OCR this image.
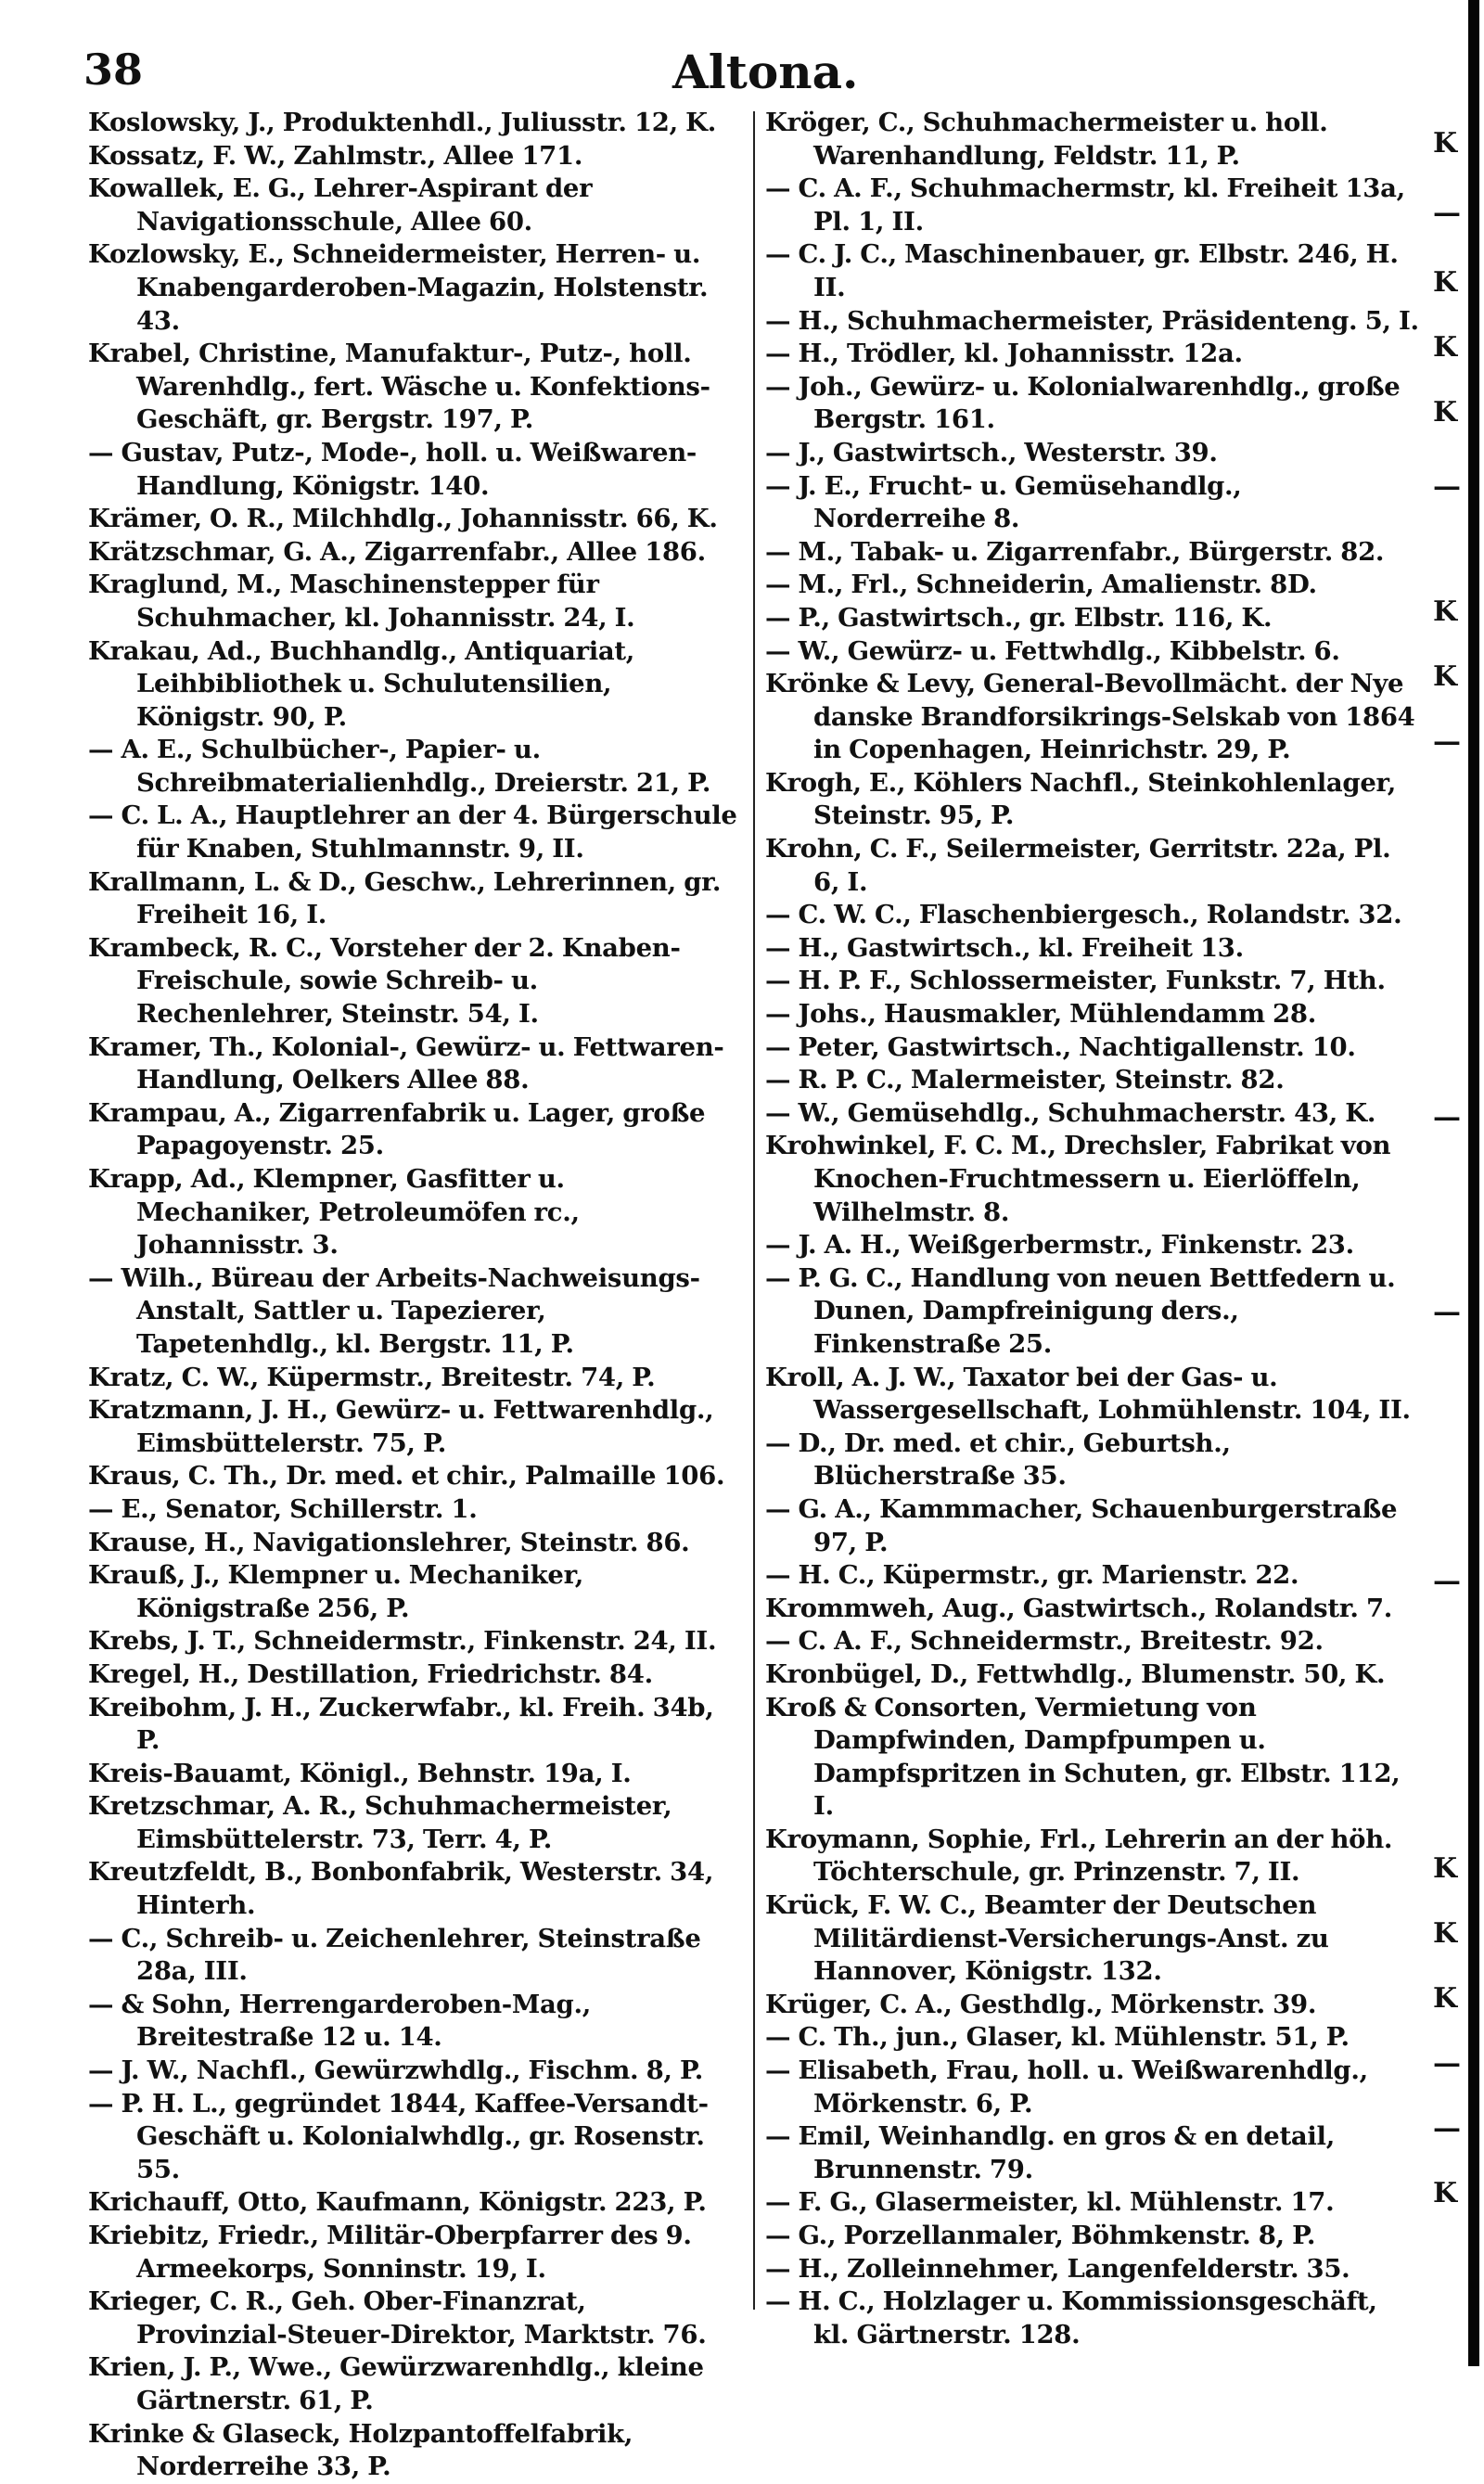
38	Altona.
Koslowsky, J., Produktenhdl., Juliusstr. 12, K.
Kossatz, F. W., Zahlmstr., Allee 171.
Kowallek, E. G., Lehrer-Aspirant der Navigationsschule, Allee 60.
Kozlowsky, E., Schneidermeister, Herren- u. Knabengarderoben-Magazin, Holstenstr. 43.
Krabel, Christine, Manufaktur-, Putz-, holl. Warenhdlg., fert. Wäsche u. Konfektions-Geschäft, gr. Bergstr. 197, P.
— Gustav, Putz-, Mode-, holl. u. Weißwaren-Handlung, Königstr. 140.
Krämer, O. R., Milchhdlg., Johannisstr. 66, K.
Krätzschmar, G. A., Zigarrenfabr., Allee 186.
Kraglund, M., Maschinenstepper für Schuhmacher, kl. Johannisstr. 24, I.
Krakau, Ad., Buchhandlg., Antiquariat, Leihbibliothek u. Schulutensilien, Königstr. 90, P.
— A. E., Schulbücher-, Papier- u. Schreibmaterialienhdlg., Dreierstr. 21, P.
— C. L. A., Hauptlehrer an der 4. Bürgerschule für Knaben, Stuhlmannstr. 9, II.
Krallmann, L. & D., Geschw., Lehrerinnen, gr. Freiheit 16, I.
Krambeck, R. C., Vorsteher der 2. Knaben-Freischule, sowie Schreib- u. Rechenlehrer, Steinstr. 54, I.
Kramer, Th., Kolonial-, Gewürz- u. Fettwaren-Handlung, Oelkers Allee 88.
Krampau, A., Zigarrenfabrik u. Lager, große Papagoyenstr. 25.
Krapp, Ad., Klempner, Gasfitter u. Mechaniker, Petroleumöfen rc., Johannisstr. 3.
— Wilh., Büreau der Arbeits-Nachweisungs-Anstalt, Sattler u. Tapezierer, Tapetenhdlg., kl. Bergstr. 11, P.
Kratz, C. W., Küpermstr., Breitestr. 74, P.
Kratzmann, J. H., Gewürz- u. Fettwarenhdlg., Eimsbüttelerstr. 75, P.
Kraus, C. Th., Dr. med. et chir., Palmaille 106.
— E., Senator, Schillerstr. 1.
Krause, H., Navigationslehrer, Steinstr. 86.
Krauß, J., Klempner u. Mechaniker, Königstraße 256, P.
Krebs, J. T., Schneidermstr., Finkenstr. 24, II.
Kregel, H., Destillation, Friedrichstr. 84.
Kreibohm, J. H., Zuckerwfabr., kl. Freih. 34b, P.
Kreis-Bauamt, Königl., Behnstr. 19a, I.
Kretzschmar, A. R., Schuhmachermeister, Eimsbüttelerstr. 73, Terr. 4, P.
Kreutzfeldt, B., Bonbonfabrik, Westerstr. 34, Hinterh.
— C., Schreib- u. Zeichenlehrer, Steinstraße 28a, III.
— & Sohn, Herrengarderoben-Mag., Breitestraße 12 u. 14.
— J. W., Nachfl., Gewürzwhdlg., Fischm. 8, P.
— P. H. L., gegründet 1844, Kaffee-Versandt-Geschäft u. Kolonialwhdlg., gr. Rosenstr. 55.
Krichauff, Otto, Kaufmann, Königstr. 223, P.
Kriebitz, Friedr., Militär-Oberpfarrer des 9. Armeekorps, Sonninstr. 19, I.
Krieger, C. R., Geh. Ober-Finanzrat, Provinzial-Steuer-Direktor, Marktstr. 76.
Krien, J. P., Wwe., Gewürzwarenhdlg., kleine Gärtnerstr. 61, P.
Krinke & Glaseck, Holzpantoffelfabrik, Norderreihe 33, P.
Kröger, C., Schuhmachermeister u. holl. Warenhandlung, Feldstr. 11, P.
— C. A. F., Schuhmachermstr, kl. Freiheit 13a, Pl. 1, II.
— C. J. C., Maschinenbauer, gr. Elbstr. 246, H. II.
— H., Schuhmachermeister, Präsidenteng. 5, I.
— H., Trödler, kl. Johannisstr. 12a.
— Joh., Gewürz- u. Kolonialwarenhdlg., große Bergstr. 161.
— J., Gastwirtsch., Westerstr. 39.
— J. E., Frucht- u. Gemüsehandlg., Norderreihe 8.
— M., Tabak- u. Zigarrenfabr., Bürgerstr. 82.
— M., Frl., Schneiderin, Amalienstr. 8D.
— P., Gastwirtsch., gr. Elbstr. 116, K.
— W., Gewürz- u. Fettwhdlg., Kibbelstr. 6.
Krönke & Levy, General-Bevollmächt. der Nye danske Brandforsikrings-Selskab von 1864 in Copenhagen, Heinrichstr. 29, P.
Krogh, E., Köhlers Nachfl., Steinkohlenlager, Steinstr. 95, P.
Krohn, C. F., Seilermeister, Gerritstr. 22a, Pl. 6, I.
— C. W. C., Flaschenbiergesch., Rolandstr. 32.
— H., Gastwirtsch., kl. Freiheit 13.
— H. P. F., Schlossermeister, Funkstr. 7, Hth.
— Johs., Hausmakler, Mühlendamm 28.
— Peter, Gastwirtsch., Nachtigallenstr. 10.
— R. P. C., Malermeister, Steinstr. 82.
— W., Gemüsehdlg., Schuhmacherstr. 43, K.
Krohwinkel, F. C. M., Drechsler, Fabrikat von Knochen-Fruchtmessern u. Eierlöffeln, Wilhelmstr. 8.
— J. A. H., Weißgerbermstr., Finkenstr. 23.
— P. G. C., Handlung von neuen Bettfedern u. Dunen, Dampfreinigung ders., Finkenstraße 25.
Kroll, A. J. W., Taxator bei der Gas- u. Wassergesellschaft, Lohmühlenstr. 104, II.
— D., Dr. med. et chir., Geburtsh., Blücherstraße 35.
— G. A., Kammmacher, Schauenburgerstraße 97, P.
— H. C., Küpermstr., gr. Marienstr. 22.
Krommweh, Aug., Gastwirtsch., Rolandstr. 7.
— C. A. F., Schneidermstr., Breitestr. 92.
Kronbügel, D., Fettwhdlg., Blumenstr. 50, K.
Kroß & Consorten, Vermietung von Dampfwinden, Dampfpumpen u. Dampfspritzen in Schuten, gr. Elbstr. 112, I.
Kroymann, Sophie, Frl., Lehrerin an der höh. Töchterschule, gr. Prinzenstr. 7, II.
Krück, F. W. C., Beamter der Deutschen Militärdienst-Versicherungs-Anst. zu Hannover, Königstr. 132.
Krüger, C. A., Gesthdlg., Mörkenstr. 39.
— C. Th., jun., Glaser, kl. Mühlenstr. 51, P.
— Elisabeth, Frau, holl. u. Weißwarenhdlg., Mörkenstr. 6, P.
— Emil, Weinhandlg. en gros & en detail, Brunnenstr. 79.
— F. G., Glasermeister, kl. Mühlenstr. 17.
— G., Porzellanmaler, Böhmkenstr. 8, P.
— H., Zolleinnehmer, Langenfelderstr. 35.
— H. C., Holzlager u. Kommissionsgeschäft, kl. Gärtnerstr. 128.
K
—
K
K
K
—
K
K
—
—
—
—
K
K
K
—
—
K
